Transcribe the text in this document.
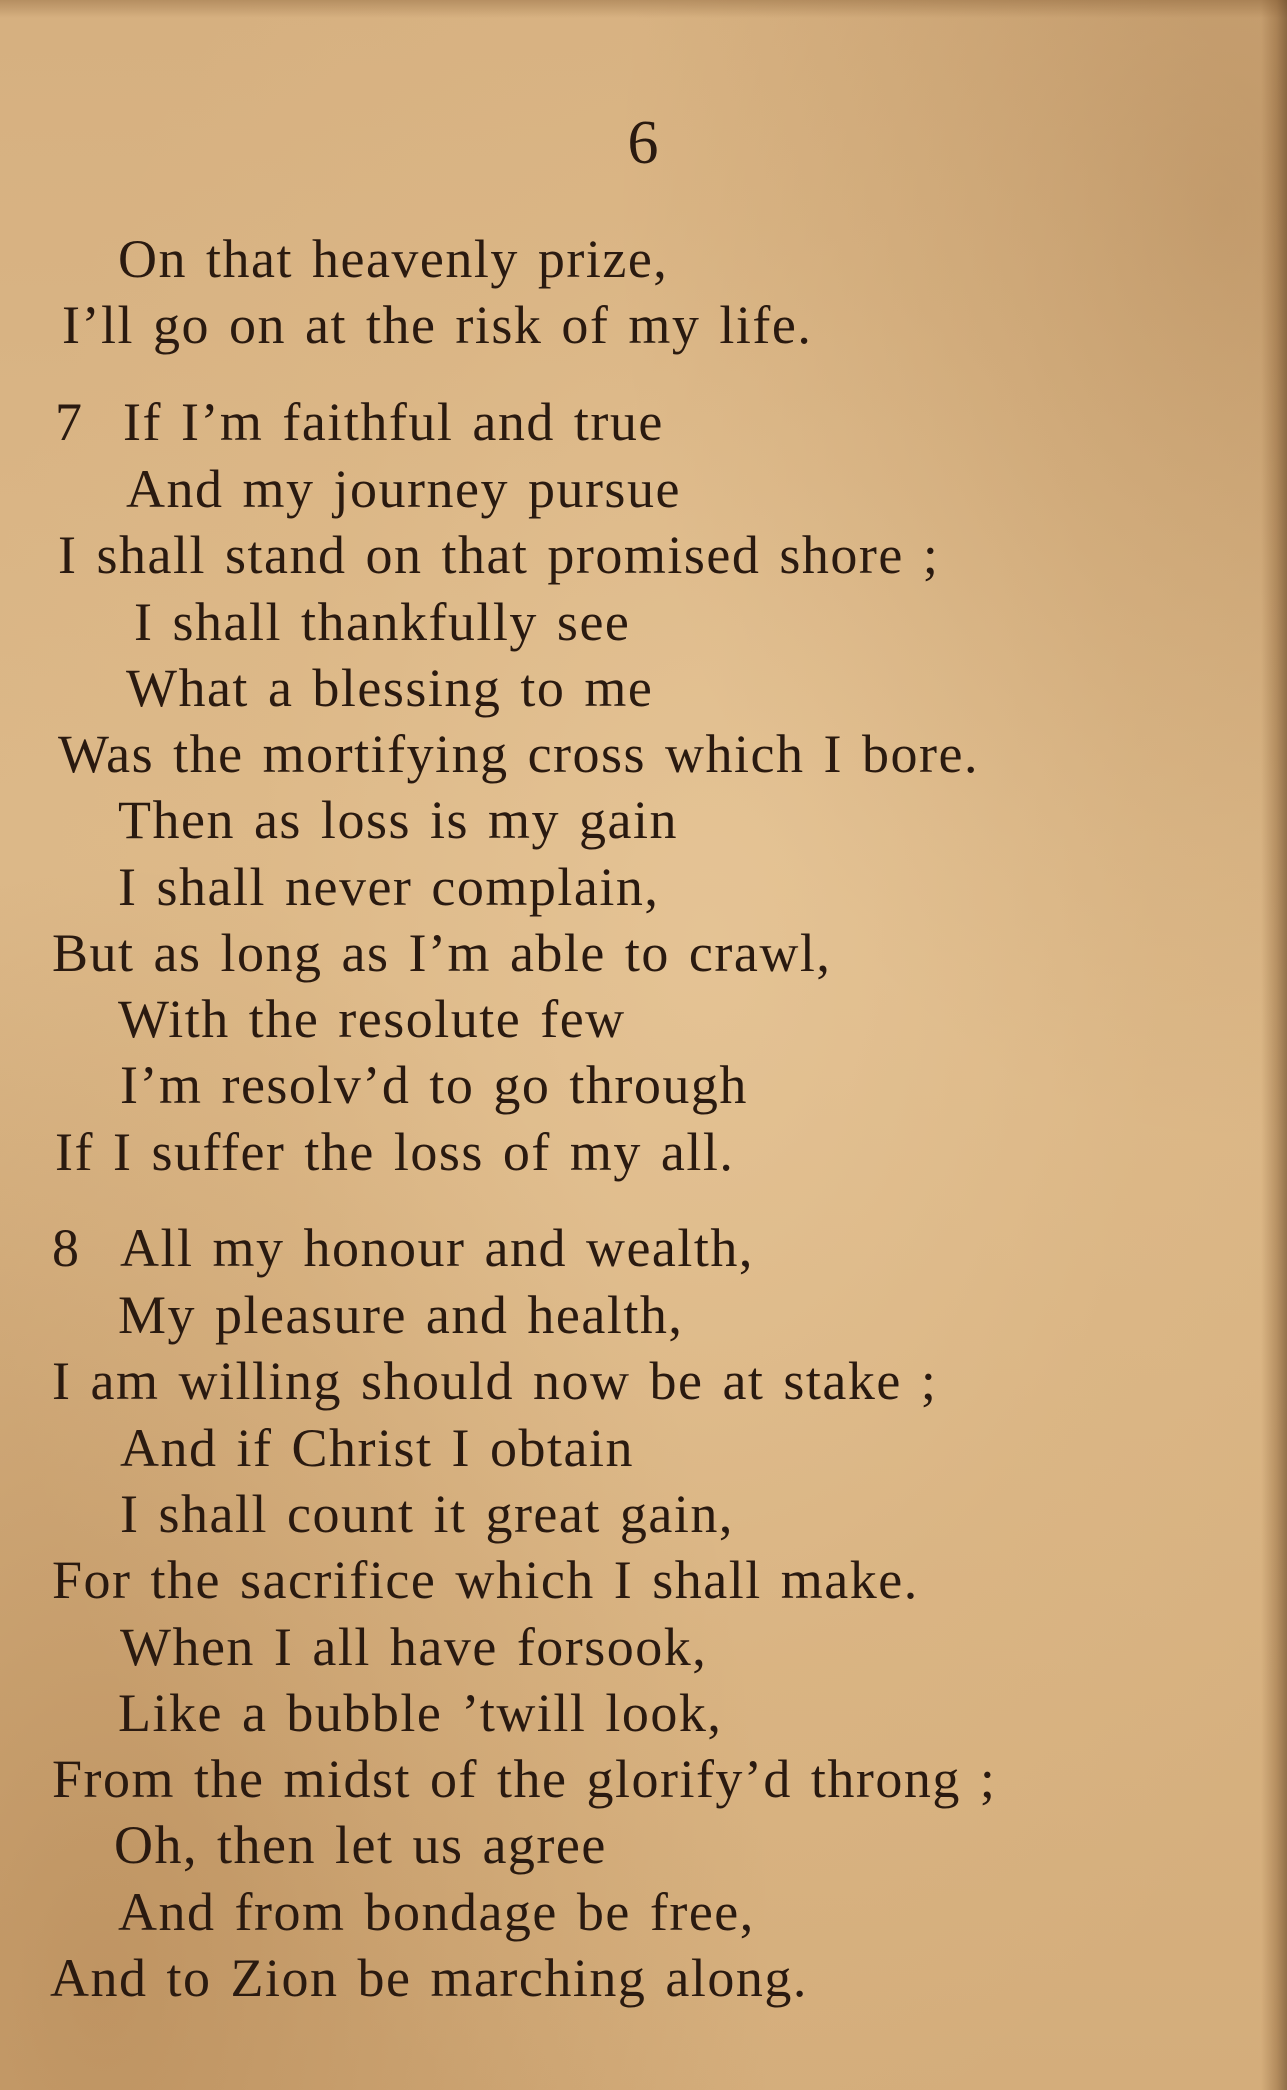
6
On that heavenly prize,
I’ll go on at the risk of my life.
7 If I’m faithful and true
And my journey pursue
I shall stand on that promised shore ;
I shall thankfully see
What a blessing to me
Was the mortifying cross which I bore.
Then as loss is my gain
I shall never complain,
But as long as I’m able to crawl,
With the resolute few
I’m resolv’d to go through
If I suffer the loss of my all.
8 All my honour and wealth,
My pleasure and health,
I am willing should now be at stake ;
And if Christ I obtain
I shall count it great gain,
For the sacrifice which I shall make.
When I all have forsook,
Like a bubble ’twill look,
From the midst of the glorify’d throng ;
Oh, then let us agree
And from bondage be free,
And to Zion be marching along.
